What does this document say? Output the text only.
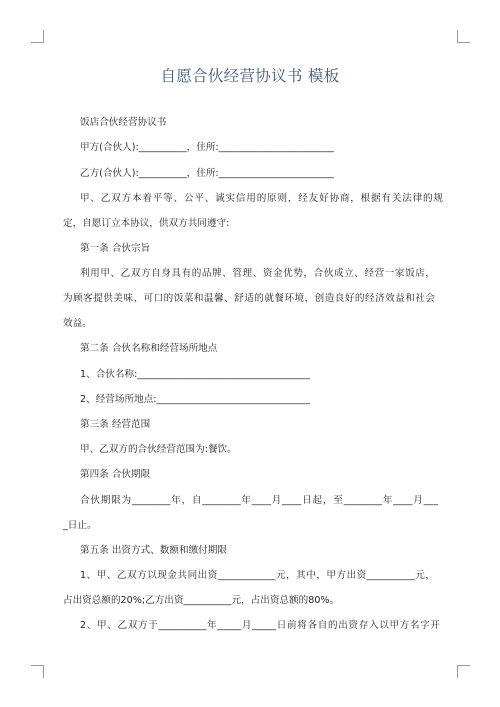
自愿合伙经营协议书 模板
饭店合伙经营协议书
甲方(合伙人):__________，住所:________________________
乙方(合伙人):__________，住所:________________________
甲、乙双方本着平等、公平、诚实信用的原则，经友好协商，根据有关法律的规
定，自愿订立本协议，供双方共同遵守:
第一条 合伙宗旨
利用甲、乙双方自身具有的品牌、管理、资金优势，合伙成立、经营一家饭店，
为顾客提供美味、可口的饭菜和温馨、舒适的就餐环境，创造良好的经济效益和社会
效益。
第二条 合伙名称和经营场所地点
1、合伙名称:____________________________________
2、经营场所地点:________________________________
第三条 经营范围
甲、乙双方的合伙经营范围为:餐饮。
第四条 合伙期限
合伙期限为________年，自________年____月____日起，至________年____月___
_日止。
第五条 出资方式、数额和缴付期限
1、甲、乙双方以现金共同出资____________元，其中，甲方出资__________元，
占出资总额的20%;乙方出资__________元，占出资总额的80%。
2、甲、乙双方于__________年_____月_____日前将各自的出资存入以甲方名字开
